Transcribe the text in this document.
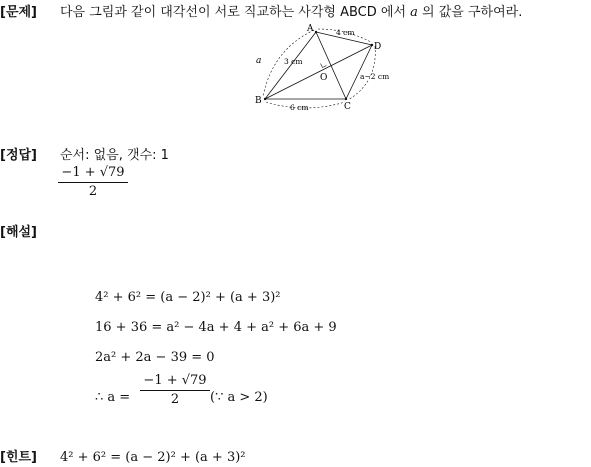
[문제] 다음 그림과 같이 대각선이 서로 직교하는 사각형 ABCD 에서 a 의 값을 구하여라.
A
B
C
D
O
a	3 cm
4 cm
6 cm
a−2 cm
[정답] 순서: 없음, 갯수: 1
−1 + √79
2
[해설]
4² + 6² = (a − 2)² + (a + 3)²
16 + 36 = a² − 4a + 4 + a² + 6a + 9
2a² + 2a − 39 = 0
∴ a =
−1 + √79
2	(∵ a > 2)
[힌트] 4² + 6² = (a − 2)² + (a + 3)²
